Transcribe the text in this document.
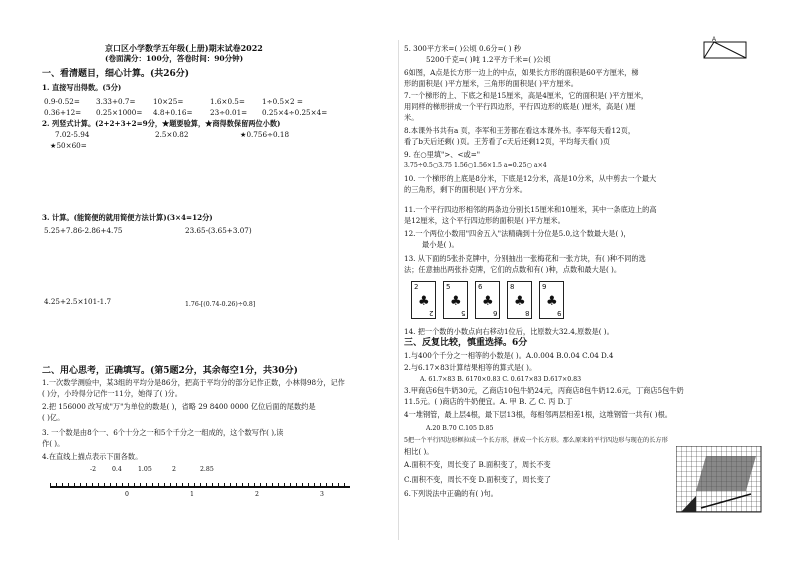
京口区小学数学五年级(上册)期末试卷2022
(卷面满分：100分，答卷时间：90分钟)
一、看清题目，细心计算。(共26分)
1. 直接写出得数。(5分)
0.9-0.52= 3.33+0.7= 10×25=	1.6×0.5= 1÷0.5×2 =
0.36+12= 0.25×1000= 4.8+0.16= 23÷0.01= 0.25×4÷0.25×4=
2. 列竖式计算。(2+2+3+2=9分，★题要验算，★商得数保留两位小数)
7.02-5.94	2.5×0.82	★0.756÷0.18
★50×60=
3. 计算。(能简便的就用简便方法计算)(3×4=12分)
5.25+7.86-2.86+4.75	23.65-(3.65+3.07)
4.25+2.5×101-1.7	1.76-[(0.74-0.26)÷0.8]
二、用心思考，正确填写。(第5题2分，其余每空1分，共30分)
1.一次数学测验中，某3组的平均分是86分，把高于平均分的部分记作正数，小林得98分，记作
( )分，小玲得分记作一11分，她得了( )分。
2.把 156000 改写成"万"为单位的数是( )，省略 29 8400 0000 亿位后面的尾数约是
( )亿。
3. 一个数是由8个一、6个十分之一和5个千分之一组成的，这个数写作( ),读
作( )。
4.在直线上描点表示下面各数。
-2	0.4	1.05	2	2.85
0	1	2	3
5. 300平方米=( )公顷 0.6分=( ) 秒
5200千克=( )吨 1.2平方千米=( )公顷
A
6如图，A点是长方形一边上的中点，如果长方形的面积是60平方厘米，梯
形的面积是( )平方厘米，三角形的面积是( )平方厘米。
7.一个梯形的上、下底之和是15厘米，高是4厘米，它的面积是( )平方厘米，
用同样的梯形拼成一个平行四边形，平行四边形的底是( )厘米，高是( )厘
米。
8.本课外书共有a 页，李军和王芳都在看这本课外书。李军每天看12页，
看了b天后还剩( )页。王芳看了c天后还剩12页，平均每天看( )页
9. 在○里填">、<或="
3.75÷0.5○3.75 1.56○1.56×1.5 a=0.25○ a×4
10. 一个梯形的上底是8分米，下底是12分米，高是10分米，从中剪去一个最大
的三角形，剩下的面积是( )平方分米。
11.一个平行四边形相邻的两条边分别长15厘米和10厘米，其中一条底边上的高
是12厘米，这个平行四边形的面积是( )平方厘米。
12.一个两位小数用"四舍五入"法精确到十分位是5.0,这个数最大是( )，
最小是( )。
13. 从下面的5张扑克牌中，分别抽出一张梅花和一张方块，有( )种不同的选
法；任意抽出两张扑克牌，它们的点数和有( )种，点数和最大是( )。
2
♣
2
5
♣
5
6
♣
6
8
♣
8
9
♣
9
14. 把一个数的小数点向右移动1位后，比原数大32.4,原数是( )。
三、反复比较，慎重选择。6分
1.与400个千分之一相等的小数是( )。A.0.004 B.0.04 C.04 D.4
2.与6.17×83计算结果相等的算式是( )。
A. 61.7×83 B. 6170×0.83 C. 0.617×83 D.617×0.83
3.甲商店6包牛奶30元，乙商店10包牛奶24元，丙商店8包牛奶12.6元，丁商店5包牛奶
11.5元。( )商店的牛奶便宜。A. 甲 B. 乙 C. 丙 D.丁
4一堆钢管，最上层4根，最下层13根，每相邻两层相差1根，这堆钢管一共有( )根。
A.20 B.70 C.105 D.85
5把一个平行四边形框拉成一个长方形，拼成一个长方形。那么原来的平行四边形与现在的长方形
相比( )。
A.面积不变，周长变了 B.面积变了，周长不变
C.面积不变，周长不变 D.面积变了，周长变了
6.下列说法中正确的有( )句。
